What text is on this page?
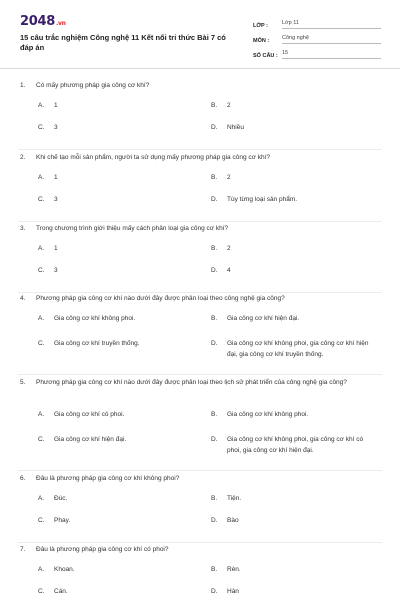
2048.vn
15 câu trắc nghiệm Công nghệ 11 Kết nối tri thức Bài 7 có đáp án
LỚP :	Lớp 11
MÔN :	Công nghệ
SỐ CÂU : 15
1. Có mấy phương pháp gia công cơ khí?
A.	1	B.	2
C.	3	D.	Nhiều
2. Khi chế tạo mỗi sản phẩm, người ta sử dụng mấy phương pháp gia công cơ khí?
A.	1	B.	2
C.	3	D.	Tùy từng loại sản phẩm.
3. Trong chương trình giới thiệu mấy cách phân loại gia công cơ khí?
A.	1	B.	2
C.	3	D.	4
4. Phương pháp gia công cơ khí nào dưới đây được phân loại theo công nghệ gia công?
A.	Gia công cơ khí không phoi.	B.	Gia công cơ khí hiện đại.
C.	Gia công cơ khí truyền thống.	D.	Gia công cơ khí không phoi, gia công cơ khí hiện đại, gia công cơ khí truyền thống.
5. Phương pháp gia công cơ khí nào dưới đây được phân loại theo lịch sử phát triển của công nghệ gia công?
A.	Gia công cơ khí có phoi.	B.	Gia công cơ khí không phoi.
C.	Gia công cơ khí hiện đại.	D.	Gia công cơ khí không phoi, gia công cơ khí có phoi, gia công cơ khí hiện đại.
6. Đâu là phương pháp gia công cơ khí không phoi?
A.	Đúc.	B.	Tiện.
C.	Phay.	D.	Bào
7. Đâu là phương pháp gia công cơ khí có phoi?
A.	Khoan.	B.	Rèn.
C.	Cán.	D.	Hàn
